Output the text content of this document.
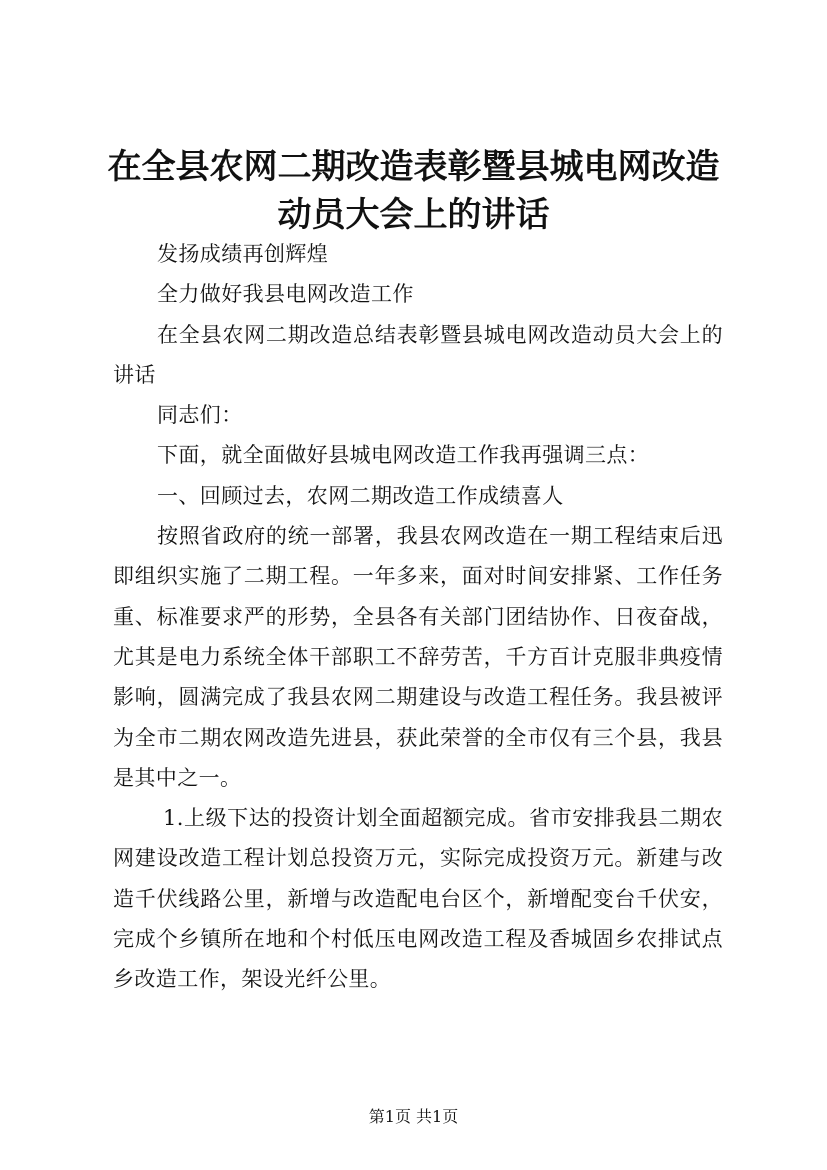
在全县农网二期改造表彰暨县城电网改造动员大会上的讲话

发扬成绩再创辉煌

全力做好我县电网改造工作

在全县农网二期改造总结表彰暨县城电网改造动员大会上的讲话

同志们：

下面，就全面做好县城电网改造工作我再强调三点：

一、回顾过去，农网二期改造工作成绩喜人

按照省政府的统一部署，我县农网改造在一期工程结束后迅即组织实施了二期工程。一年多来，面对时间安排紧、工作任务重、标准要求严的形势，全县各有关部门团结协作、日夜奋战，尤其是电力系统全体干部职工不辞劳苦，千方百计克服非典疫情影响，圆满完成了我县农网二期建设与改造工程任务。我县被评为全市二期农网改造先进县，获此荣誉的全市仅有三个县，我县是其中之一。

1.上级下达的投资计划全面超额完成。省市安排我县二期农网建设改造工程计划总投资万元，实际完成投资万元。新建与改造千伏线路公里，新增与改造配电台区个，新增配变台千伏安，完成个乡镇所在地和个村低压电网改造工程及香城固乡农排试点乡改造工作，架设光纤公里。

第1页 共1页
